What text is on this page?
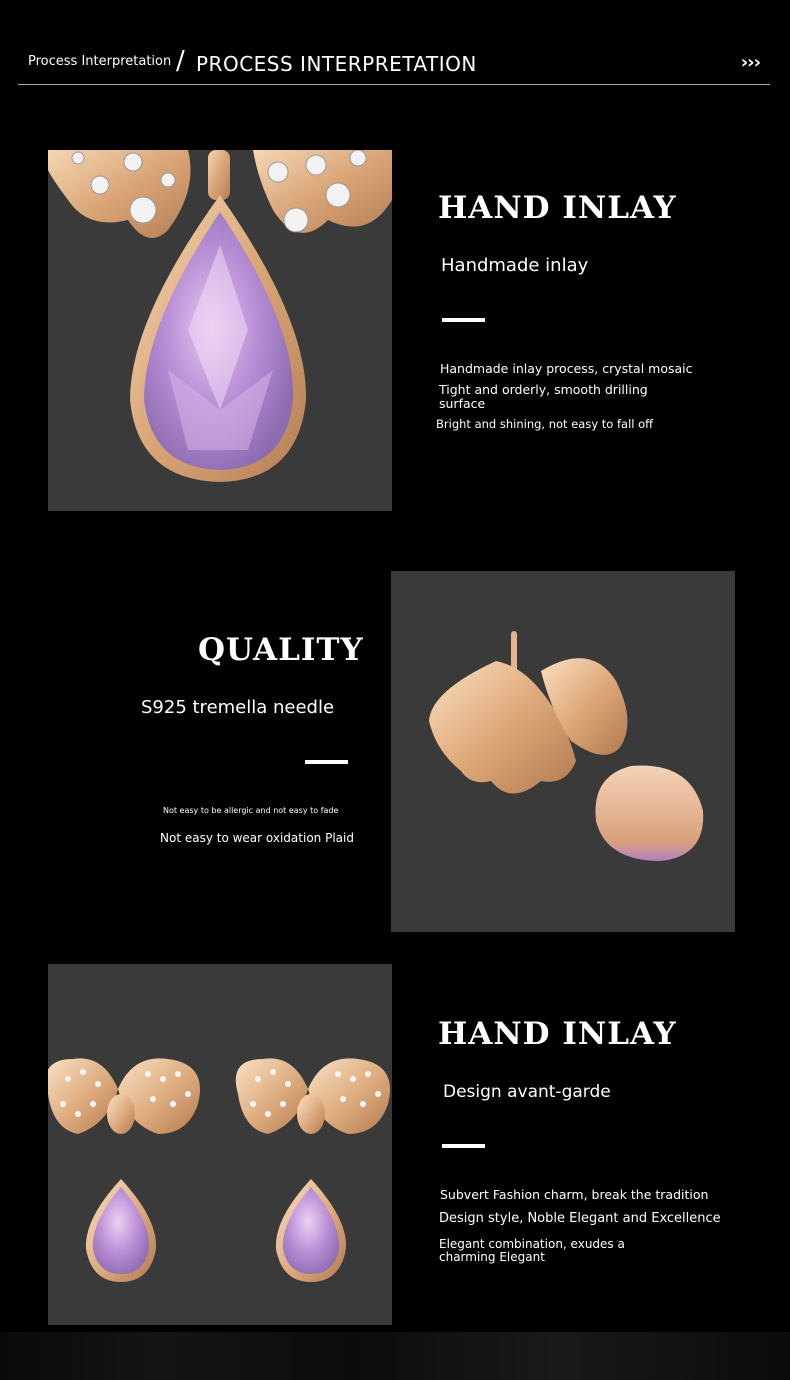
Process Interpretation / PROCESS INTERPRETATION	›››
HAND INLAY
Handmade inlay
Handmade inlay process, crystal mosaic
Tight and orderly, smooth drilling surface
Bright and shining, not easy to fall off
QUALITY
S925 tremella needle
Not easy to be allergic and not easy to fade
Not easy to wear oxidation Plaid
HAND INLAY
Design avant-garde
Subvert Fashion charm, break the tradition
Design style, Noble Elegant and Excellence
Elegant combination, exudes a charming Elegant
